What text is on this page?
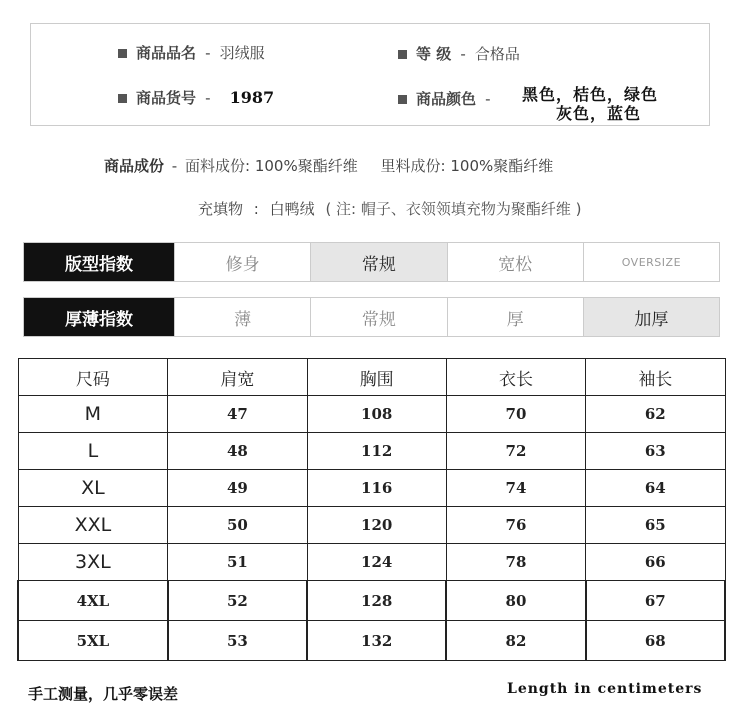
商品品名 - 羽绒服	等 级 - 合格品
商品货号 - 1987	商品颜色 - 黑色，桔色，绿色
灰色，蓝色
商品成份 - 面料成份: 100%聚酯纤维 里料成份: 100%聚酯纤维
充填物 : 白鸭绒 ( 注: 帽子、衣领领填充物为聚酯纤维 )
版型指数	修身	常规	宽松	OVERSIZE
厚薄指数	薄	常规	厚	加厚
尺码	肩宽	胸围	衣长	袖长
M	47	108	70	62
L	48	112	72	63
XL	49	116	74	64
XXL	50	120	76	65
3XL	51	124	78	66
4XL	52	128	80	67
5XL	53	132	82	68
手工测量，几乎零误差	Length in centimeters
